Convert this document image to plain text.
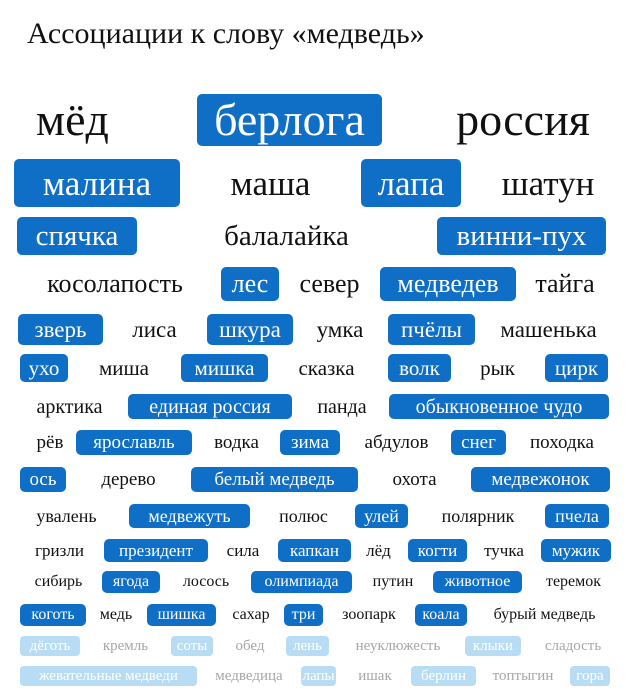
Ассоциации к слову «медведь»
мёд	берлога	россия
малина	маша	лапа	шатун
спячка	балалайка	винни-пух
косолапость	лес	север	медведев	тайга
зверь	лиса	шкура	умка	пчёлы	машенька
ухо	миша	мишка	сказка	волк	рык	цирк
арктика	единая россия	панда	обыкновенное чудо
рёв	ярославль	водка	зима	абдулов	снег	походка
ось	дерево	белый медведь	охота	медвежонок
увалень	медвежуть	полюс	улей	полярник	пчела
гризли	президент	сила	капкан	лёд	когти	тучка	мужик
сибирь	ягода	лосось	олимпиада	путин	животное	теремок
коготь	медь	шишка	сахар	три	зоопарк	коала	бурый медведь
дёготь	кремль	соты	обед	лень	неуклюжесть	клыки	сладость
жевательные медведи	медведица	лапы ишак	берлин	топтыгин	гора
